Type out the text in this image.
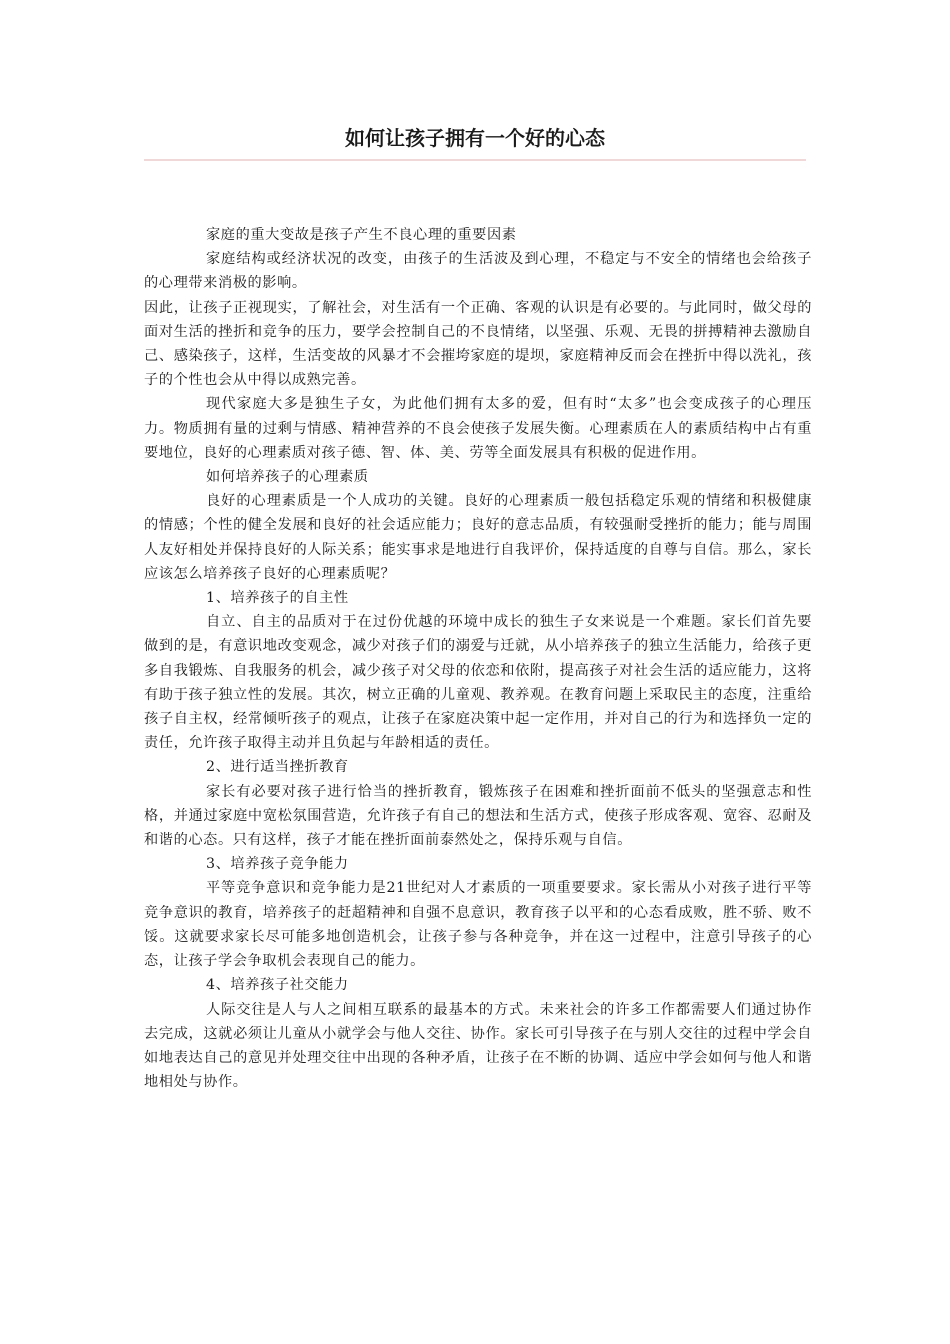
如何让孩子拥有一个好的心态

家庭的重大变故是孩子产生不良心理的重要因素

家庭结构或经济状况的改变，由孩子的生活波及到心理，不稳定与不安全的情绪也会给孩子的心理带来消极的影响。

因此，让孩子正视现实，了解社会，对生活有一个正确、客观的认识是有必要的。与此同时，做父母的面对生活的挫折和竞争的压力，要学会控制自己的不良情绪，以坚强、乐观、无畏的拼搏精神去激励自己、感染孩子，这样，生活变故的风暴才不会摧垮家庭的堤坝，家庭精神反而会在挫折中得以洗礼，孩子的个性也会从中得以成熟完善。

现代家庭大多是独生子女，为此他们拥有太多的爱，但有时“太多”也会变成孩子的心理压力。物质拥有量的过剩与情感、精神营养的不良会使孩子发展失衡。心理素质在人的素质结构中占有重要地位，良好的心理素质对孩子德、智、体、美、劳等全面发展具有积极的促进作用。

如何培养孩子的心理素质

良好的心理素质是一个人成功的关键。良好的心理素质一般包括稳定乐观的情绪和积极健康的情感；个性的健全发展和良好的社会适应能力；良好的意志品质，有较强耐受挫折的能力；能与周围人友好相处并保持良好的人际关系；能实事求是地进行自我评价，保持适度的自尊与自信。那么，家长应该怎么培养孩子良好的心理素质呢？

1、培养孩子的自主性

自立、自主的品质对于在过份优越的环境中成长的独生子女来说是一个难题。家长们首先要做到的是，有意识地改变观念，减少对孩子们的溺爱与迁就，从小培养孩子的独立生活能力，给孩子更多自我锻炼、自我服务的机会，减少孩子对父母的依恋和依附，提高孩子对社会生活的适应能力，这将有助于孩子独立性的发展。其次，树立正确的儿童观、教养观。在教育问题上采取民主的态度，注重给孩子自主权，经常倾听孩子的观点，让孩子在家庭决策中起一定作用，并对自己的行为和选择负一定的责任，允许孩子取得主动并且负起与年龄相适的责任。

2、进行适当挫折教育

家长有必要对孩子进行恰当的挫折教育，锻炼孩子在困难和挫折面前不低头的坚强意志和性格，并通过家庭中宽松氛围营造，允许孩子有自己的想法和生活方式，使孩子形成客观、宽容、忍耐及和谐的心态。只有这样，孩子才能在挫折面前泰然处之，保持乐观与自信。

3、培养孩子竞争能力

平等竞争意识和竞争能力是21世纪对人才素质的一项重要要求。家长需从小对孩子进行平等竞争意识的教育，培养孩子的赶超精神和自强不息意识，教育孩子以平和的心态看成败，胜不骄、败不馁。这就要求家长尽可能多地创造机会，让孩子参与各种竞争，并在这一过程中，注意引导孩子的心态，让孩子学会争取机会表现自己的能力。

4、培养孩子社交能力

人际交往是人与人之间相互联系的最基本的方式。未来社会的许多工作都需要人们通过协作去完成，这就必须让儿童从小就学会与他人交往、协作。家长可引导孩子在与别人交往的过程中学会自如地表达自己的意见并处理交往中出现的各种矛盾，让孩子在不断的协调、适应中学会如何与他人和谐地相处与协作。
